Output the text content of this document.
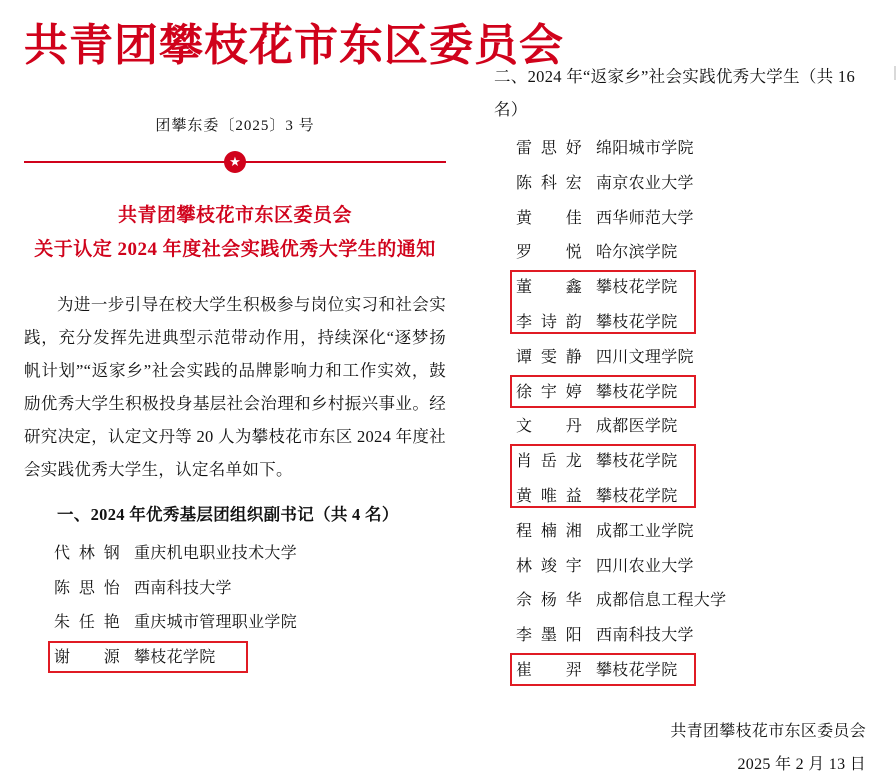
共青团攀枝花市东区委员会
团攀东委〔2025〕3 号
★
共青团攀枝花市东区委员会
关于认定 2024 年度社会实践优秀大学生的通知
为进一步引导在校大学生积极参与岗位实习和社会实践，充分发挥先进典型示范带动作用，持续深化“逐梦扬帆计划”“返家乡”社会实践的品牌影响力和工作实效，鼓励优秀大学生积极投身基层社会治理和乡村振兴事业。经研究决定，认定文丹等 20 人为攀枝花市东区 2024 年度社会实践优秀大学生，认定名单如下。
一、2024 年优秀基层团组织副书记（共 4 名）
代林钢 重庆机电职业技术大学
陈思怡 西南科技大学
朱任艳 重庆城市管理职业学院
谢源 攀枝花学院
二、2024 年“返家乡”社会实践优秀大学生（共 16 名）
雷思妤 绵阳城市学院
陈科宏 南京农业大学
黄佳 西华师范大学
罗悦 哈尔滨学院
董鑫 攀枝花学院
李诗韵 攀枝花学院
谭雯静 四川文理学院
徐宇婷 攀枝花学院
文丹 成都医学院
肖岳龙 攀枝花学院
黄唯益 攀枝花学院
程楠湘 成都工业学院
林竣宇 四川农业大学
佘杨华 成都信息工程大学
李墨阳 西南科技大学
崔羿 攀枝花学院
共青团攀枝花市东区委员会
2025 年 2 月 13 日
